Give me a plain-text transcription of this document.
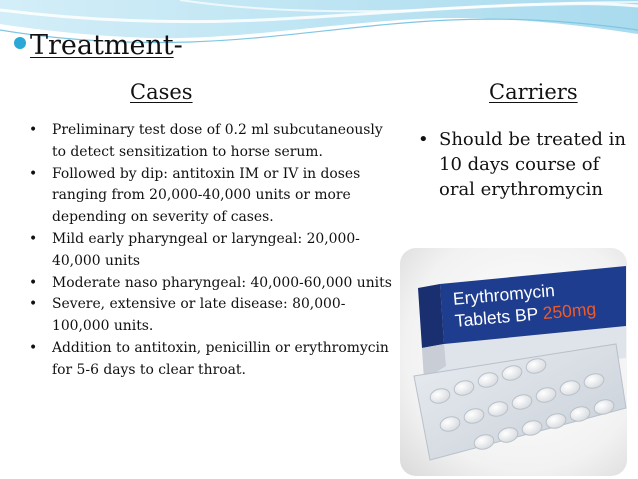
Treatment-
Cases	Carriers
• Preliminary test dose of 0.2 ml subcutaneously to detect sensitization to horse serum.
• Followed by dip: antitoxin IM or IV in doses ranging from 20,000-40,000 units or more depending on severity of cases.
• Mild early pharyngeal or laryngeal: 20,000-40,000 units
• Moderate naso pharyngeal: 40,000-60,000 units
• Severe, extensive or late disease: 80,000-100,000 units.
• Addition to antitoxin, penicillin or erythromycin for 5-6 days to clear throat.
• Should be treated in 10 days course of oral erythromycin
Erythromycin
Tablets BP 250mg
